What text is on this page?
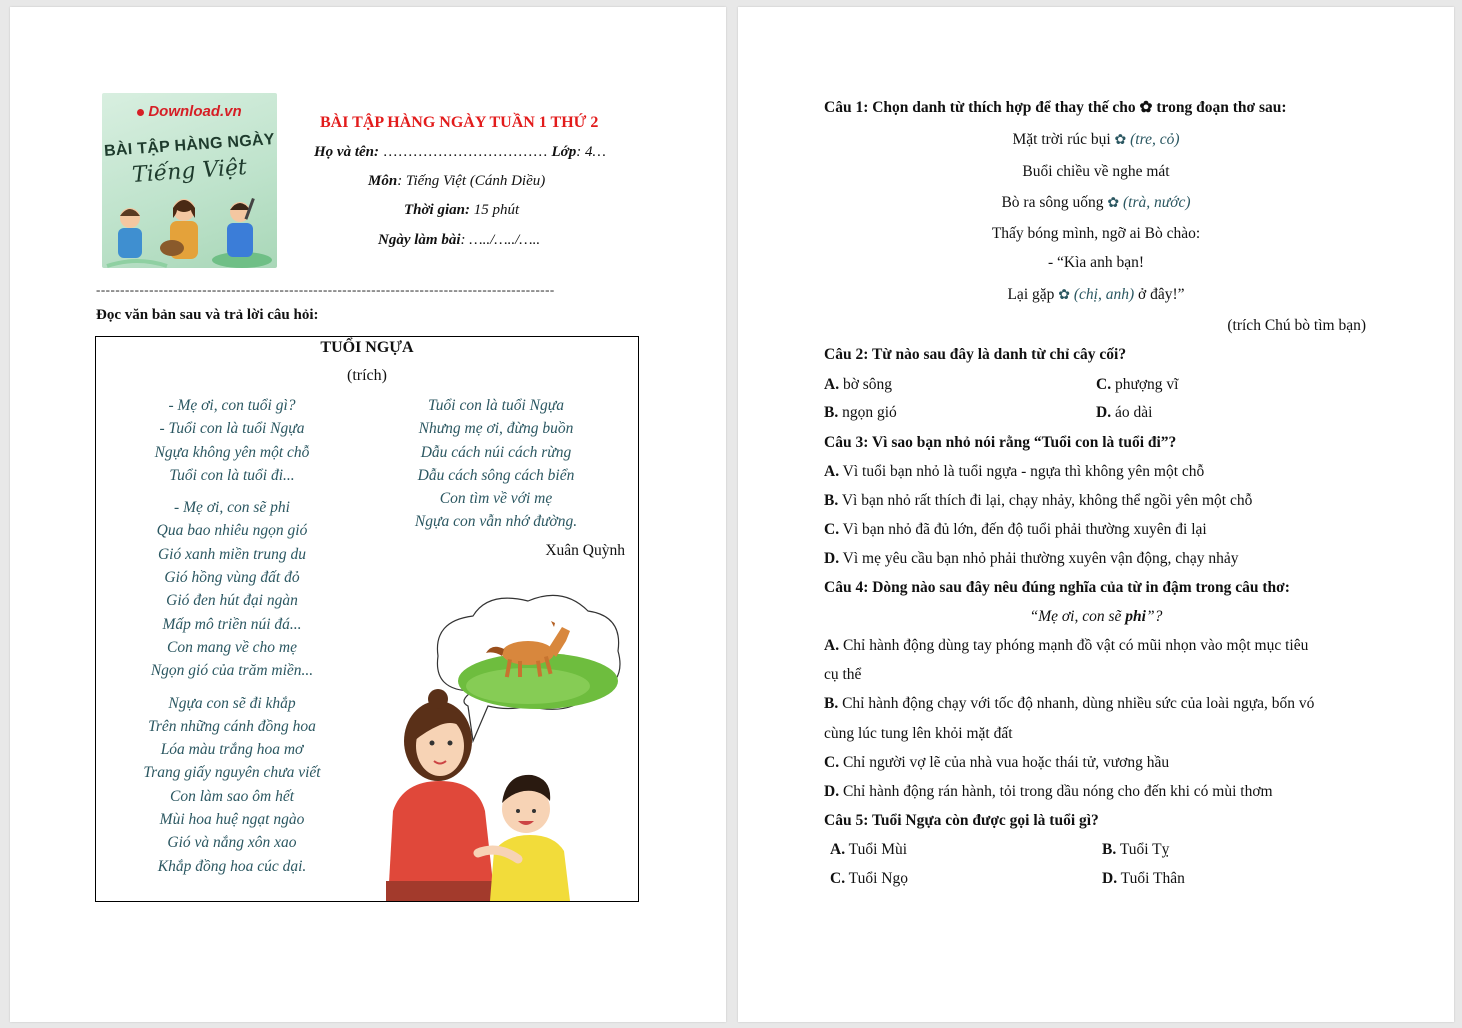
Download.vn
BÀI TẬP HÀNG NGÀY
Tiếng Việt
BÀI TẬP HÀNG NGÀY TUẦN 1 THỨ 2
Họ và tên: …………………………… Lớp: 4…
Môn: Tiếng Việt (Cánh Diều)
Thời gian: 15 phút
Ngày làm bài: …../…../…..
-----------------------------------------------------------------------------------------------
Đọc văn bản sau và trả lời câu hỏi:
TUỔI NGỰA
(trích)
- Mẹ ơi, con tuổi gì?
- Tuổi con là tuổi Ngựa
Ngựa không yên một chỗ
Tuổi con là tuổi đi...
- Mẹ ơi, con sẽ phi
Qua bao nhiêu ngọn gió
Gió xanh miền trung du
Gió hồng vùng đất đỏ
Gió đen hút đại ngàn
Mấp mô triền núi đá...
Con mang về cho mẹ
Ngọn gió của trăm miền...
Ngựa con sẽ đi khắp
Trên những cánh đồng hoa
Lóa màu trắng hoa mơ
Trang giấy nguyên chưa viết
Con làm sao ôm hết
Mùi hoa huệ ngạt ngào
Gió và nắng xôn xao
Khắp đồng hoa cúc dại.
Tuổi con là tuổi Ngựa
Nhưng mẹ ơi, đừng buồn
Dẫu cách núi cách rừng
Dẫu cách sông cách biển
Con tìm về với mẹ
Ngựa con vẫn nhớ đường.
Xuân Quỳnh
Câu 1: Chọn danh từ thích hợp để thay thế cho ✿ trong đoạn thơ sau:
Mặt trời rúc bụi ✿ (tre, cỏ)
Buổi chiều về nghe mát
Bò ra sông uống ✿ (trà, nước)
Thấy bóng mình, ngỡ ai Bò chào:
- “Kìa anh bạn!
Lại gặp ✿ (chị, anh) ở đây!”
(trích Chú bò tìm bạn)
Câu 2: Từ nào sau đây là danh từ chỉ cây cối?
A. bờ sông	C. phượng vĩ
B. ngọn gió	D. áo dài
Câu 3: Vì sao bạn nhỏ nói rằng “Tuổi con là tuổi đi”?
A. Vì tuổi bạn nhỏ là tuổi ngựa - ngựa thì không yên một chỗ
B. Vì bạn nhỏ rất thích đi lại, chạy nhảy, không thể ngồi yên một chỗ
C. Vì bạn nhỏ đã đủ lớn, đến độ tuổi phải thường xuyên đi lại
D. Vì mẹ yêu cầu bạn nhỏ phải thường xuyên vận động, chạy nhảy
Câu 4: Dòng nào sau đây nêu đúng nghĩa của từ in đậm trong câu thơ:
“Mẹ ơi, con sẽ phi”?
A. Chỉ hành động dùng tay phóng mạnh đồ vật có mũi nhọn vào một mục tiêu
cụ thể
B. Chỉ hành động chạy với tốc độ nhanh, dùng nhiều sức của loài ngựa, bốn vó
cùng lúc tung lên khỏi mặt đất
C. Chỉ người vợ lẽ của nhà vua hoặc thái tử, vương hầu
D. Chỉ hành động rán hành, tỏi trong dầu nóng cho đến khi có mùi thơm
Câu 5: Tuổi Ngựa còn được gọi là tuổi gì?
A. Tuổi Mùi	B. Tuổi Tỵ
C. Tuổi Ngọ	D. Tuổi Thân
